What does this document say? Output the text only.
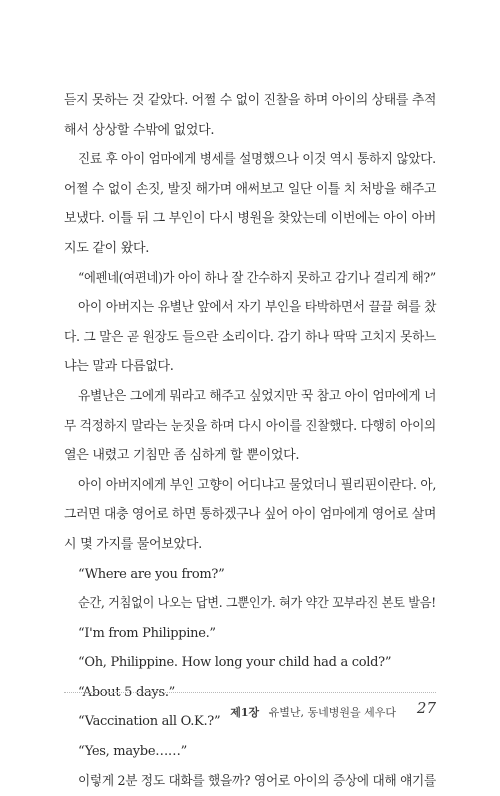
듣지 못하는 것 같았다. 어쩔 수 없이 진찰을 하며 아이의 상태를 추적
해서 상상할 수밖에 없었다.
진료 후 아이 엄마에게 병세를 설명했으나 이것 역시 통하지 않았다.
어쩔 수 없이 손짓, 발짓 해가며 애써보고 일단 이틀 치 처방을 해주고
보냈다. 이틀 뒤 그 부인이 다시 병원을 찾았는데 이번에는 아이 아버
지도 같이 왔다.
“에펜네(여편네)가 아이 하나 잘 간수하지 못하고 감기나 걸리게 해?”
아이 아버지는 유별난 앞에서 자기 부인을 타박하면서 끌끌 혀를 찼
다. 그 말은 곧 원장도 들으란 소리이다. 감기 하나 딱딱 고치지 못하느
냐는 말과 다름없다.
유별난은 그에게 뭐라고 해주고 싶었지만 꾹 참고 아이 엄마에게 너
무 걱정하지 말라는 눈짓을 하며 다시 아이를 진찰했다. 다행히 아이의
열은 내렸고 기침만 좀 심하게 할 뿐이었다.
아이 아버지에게 부인 고향이 어디냐고 물었더니 필리핀이란다. 아,
그러면 대충 영어로 하면 통하겠구나 싶어 아이 엄마에게 영어로 살며
시 몇 가지를 물어보았다.
“Where are you from?”
순간, 거침없이 나오는 답변. 그뿐인가. 혀가 약간 꼬부라진 본토 발음!
“I'm from Philippine.”
“Oh, Philippine. How long your child had a cold?”
“About 5 days.”
“Vaccination all O.K.?”
“Yes, maybe……”
이렇게 2분 정도 대화를 했을까? 영어로 아이의 증상에 대해 얘기를
제1장 유별난, 동네병원을 세우다 27
